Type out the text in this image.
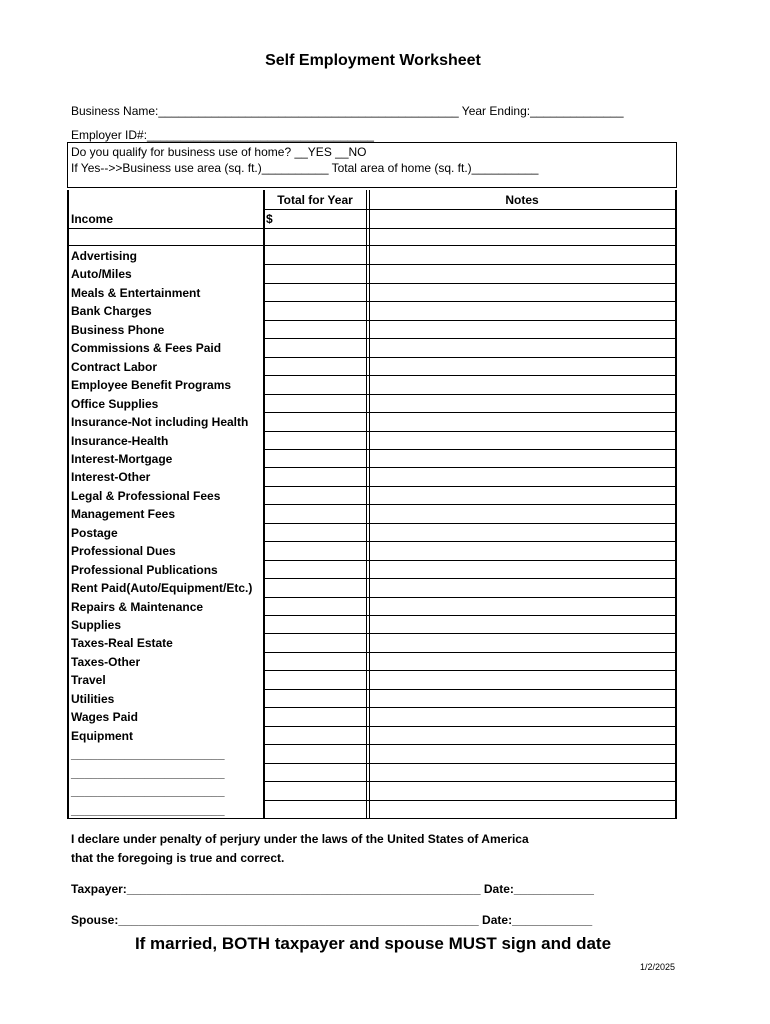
Self Employment Worksheet
Business Name:_____________________________________________ Year Ending:______________
Employer ID#:__________________________________
Do you qualify for business use of home? __YES __NO
If Yes-->>Business use area (sq. ft.)__________ Total area of home (sq. ft.)__________
Total for Year	Notes
Income	$
Advertising
Auto/Miles
Meals & Entertainment
Bank Charges
Business Phone
Commissions & Fees Paid
Contract Labor
Employee Benefit Programs
Office Supplies
Insurance-Not including Health
Insurance-Health
Interest-Mortgage
Interest-Other
Legal & Professional Fees
Management Fees
Postage
Professional Dues
Professional Publications
Rent Paid(Auto/Equipment/Etc.)
Repairs & Maintenance
Supplies
Taxes-Real Estate
Taxes-Other
Travel
Utilities
Wages Paid
Equipment
_______________________
_______________________
_______________________
_______________________
I declare under penalty of perjury under the laws of the United States of America
that the foregoing is true and correct.
Taxpayer:_____________________________________________________ Date:____________
Spouse:______________________________________________________ Date:____________
If married, BOTH taxpayer and spouse MUST sign and date
1/2/2025
